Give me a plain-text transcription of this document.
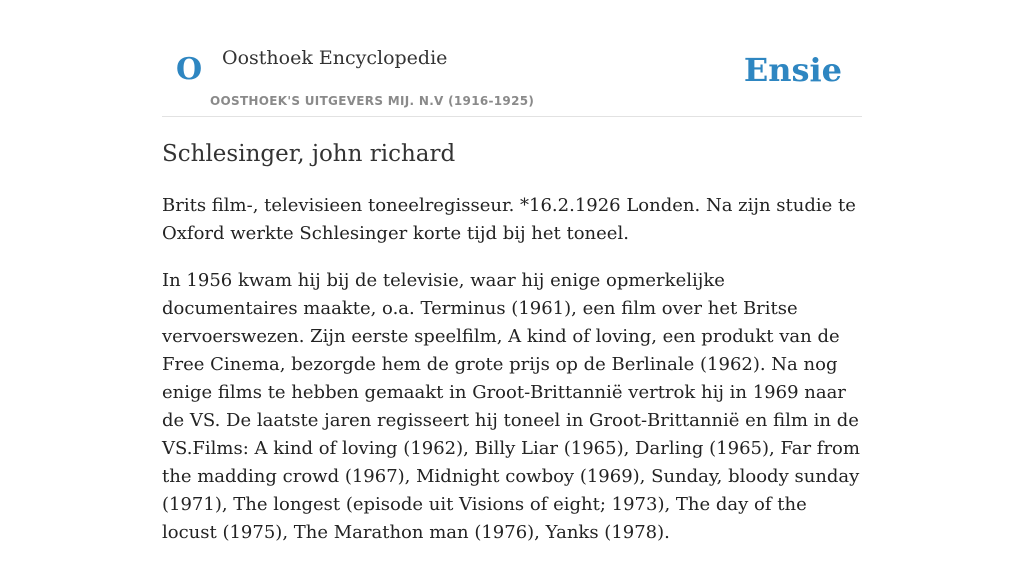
O Oosthoek Encyclopedie
OOSTHOEK'S UITGEVERS MIJ. N.V (1916-1925)
Ensie
Schlesinger, john richard

Brits film-, televisieen toneelregisseur. *16.2.1926 Londen. Na zijn studie te Oxford werkte Schlesinger korte tijd bij het toneel.

In 1956 kwam hij bij de televisie, waar hij enige opmerkelijke documentaires maakte, o.a. Terminus (1961), een film over het Britse vervoerswezen. Zijn eerste speelfilm, A kind of loving, een produkt van de Free Cinema, bezorgde hem de grote prijs op de Berlinale (1962). Na nog enige films te hebben gemaakt in Groot-Brittannië vertrok hij in 1969 naar de VS. De laatste jaren regisseert hij toneel in Groot-Brittannië en film in de VS.Films: A kind of loving (1962), Billy Liar (1965), Darling (1965), Far from the madding crowd (1967), Midnight cowboy (1969), Sunday, bloody sunday (1971), The longest (episode uit Visions of eight; 1973), The day of the locust (1975), The Marathon man (1976), Yanks (1978).
